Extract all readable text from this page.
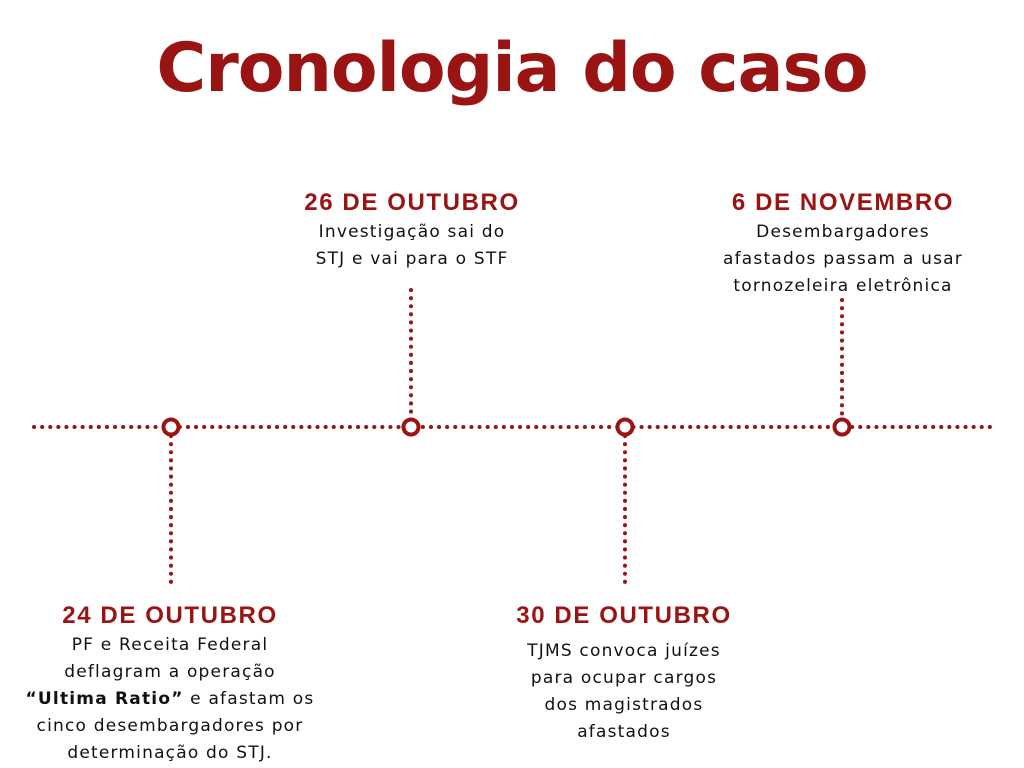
Cronologia do caso
24 DE OUTUBRO
PF e Receita Federal
deflagram a operação “Ultima Ratio” e afastam os cinco desembargadores por determinação do STJ.
26 DE OUTUBRO
Investigação sai do
STJ e vai para o STF
30 DE OUTUBRO
TJMS convoca juízes
para ocupar cargos
dos magistrados
afastados
6 DE NOVEMBRO
Desembargadores
afastados passam a usar
tornozeleira eletrônica
